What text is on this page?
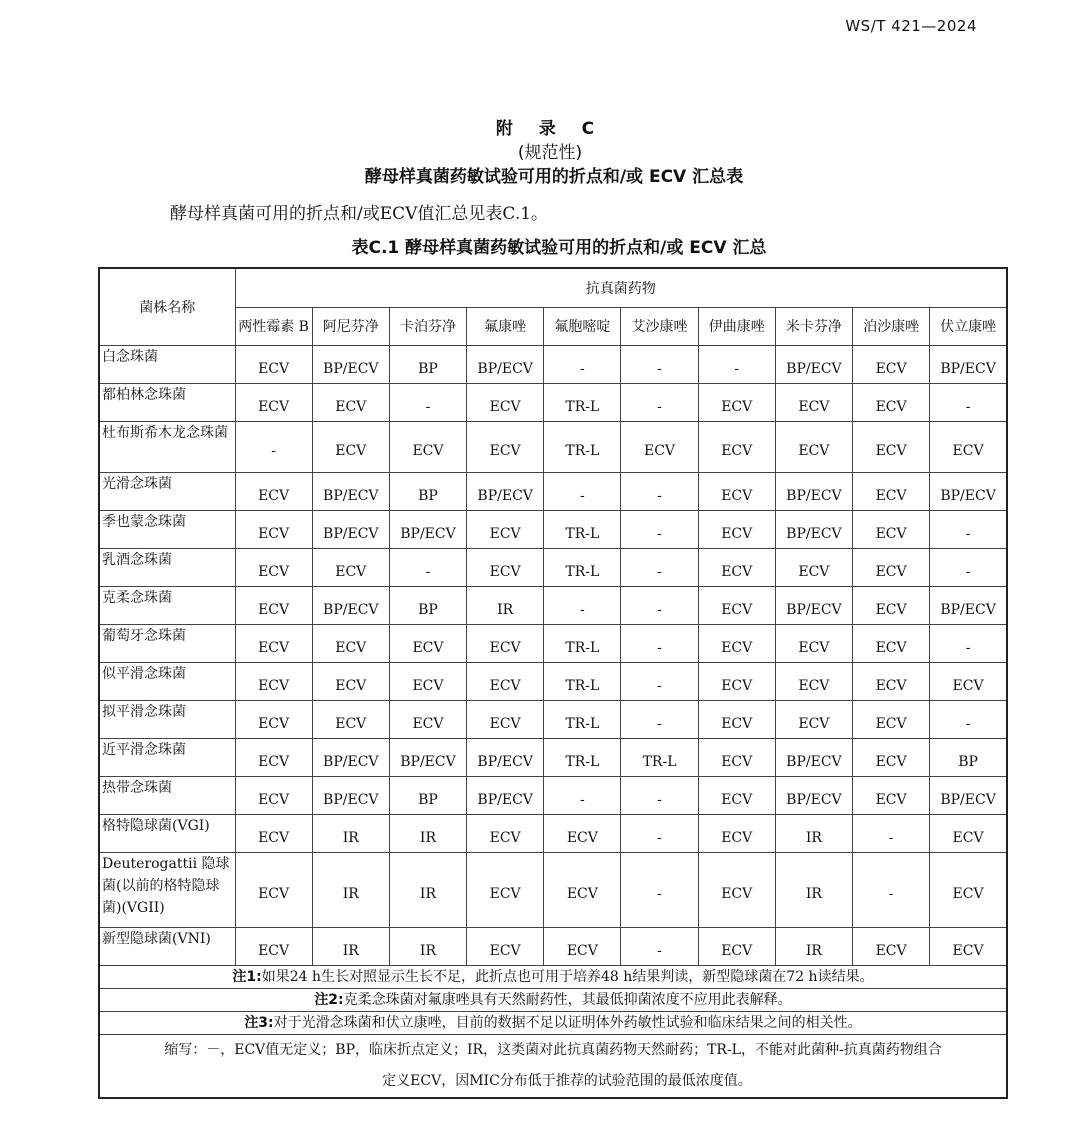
WS/T 421—2024
附 录 C
(规范性)
酵母样真菌药敏试验可用的折点和/或 ECV 汇总表
酵母样真菌可用的折点和/或ECV值汇总见表C.1。
表C.1 酵母样真菌药敏试验可用的折点和/或 ECV 汇总
菌株名称	抗真菌药物									
	两性霉素 B	阿尼芬净	卡泊芬净	氟康唑	氟胞嘧啶	艾沙康唑	伊曲康唑	米卡芬净	泊沙康唑	伏立康唑
白念珠菌	ECV	BP/ECV	BP	BP/ECV	-	-	-	BP/ECV	ECV	BP/ECV
都柏林念珠菌	ECV	ECV	-	ECV	TR-L	-	ECV	ECV	ECV	-
杜布斯希木龙念珠菌	-	ECV	ECV	ECV	TR-L	ECV	ECV	ECV	ECV	ECV
光滑念珠菌	ECV	BP/ECV	BP	BP/ECV	-	-	ECV	BP/ECV	ECV	BP/ECV
季也蒙念珠菌	ECV	BP/ECV	BP/ECV	ECV	TR-L	-	ECV	BP/ECV	ECV	-
乳酒念珠菌	ECV	ECV	-	ECV	TR-L	-	ECV	ECV	ECV	-
克柔念珠菌	ECV	BP/ECV	BP	IR	-	-	ECV	BP/ECV	ECV	BP/ECV
葡萄牙念珠菌	ECV	ECV	ECV	ECV	TR-L	-	ECV	ECV	ECV	-
似平滑念珠菌	ECV	ECV	ECV	ECV	TR-L	-	ECV	ECV	ECV	ECV
拟平滑念珠菌	ECV	ECV	ECV	ECV	TR-L	-	ECV	ECV	ECV	-
近平滑念珠菌	ECV	BP/ECV	BP/ECV	BP/ECV	TR-L	TR-L	ECV	BP/ECV	ECV	BP
热带念珠菌	ECV	BP/ECV	BP	BP/ECV	-	-	ECV	BP/ECV	ECV	BP/ECV
格特隐球菌(VGI)	ECV	IR	IR	ECV	ECV	-	ECV	IR	-	ECV
Deuterogattii 隐球菌(以前的格特隐球菌)(VGII)	ECV	IR	IR	ECV	ECV	-	ECV	IR	-	ECV
新型隐球菌(VNI)	ECV	IR	IR	ECV	ECV	-	ECV	IR	ECV	ECV
注1:如果24 h生长对照显示生长不足，此折点也可用于培养48 h结果判读，新型隐球菌在72 h读结果。										
注2:克柔念珠菌对氟康唑具有天然耐药性，其最低抑菌浓度不应用此表解释。										
注3:对于光滑念珠菌和伏立康唑，目前的数据不足以证明体外药敏性试验和临床结果之间的相关性。										

缩写：－，ECV值无定义；BP，临床折点定义；IR，这类菌对此抗真菌药物天然耐药；TR-L，不能对此菌种-抗真菌药物组合
定义ECV，因MIC分布低于推荐的试验范围的最低浓度值。										
